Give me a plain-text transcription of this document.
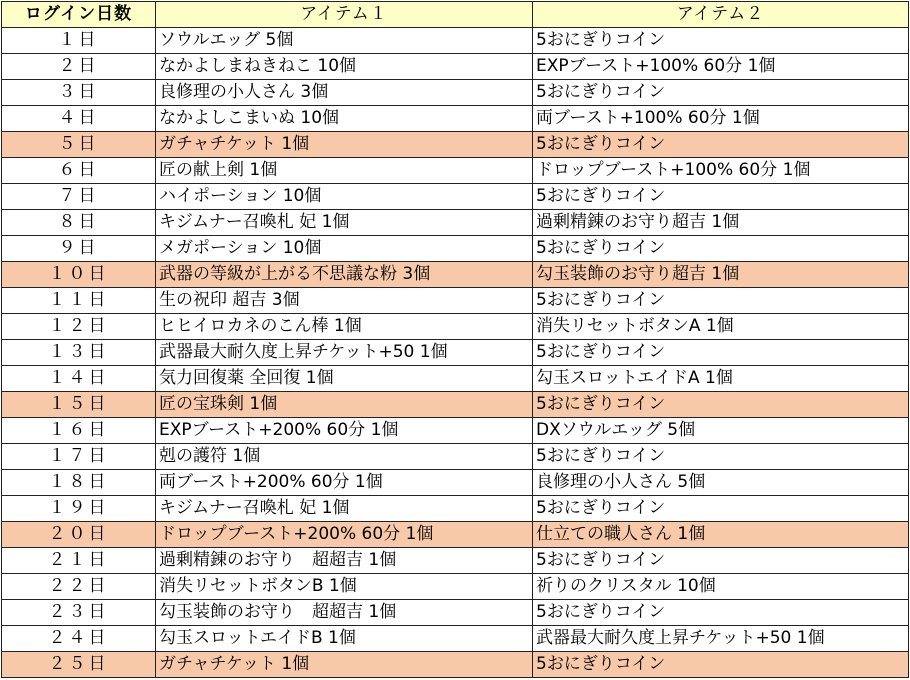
ログイン日数	アイテム１	アイテム２
１日	ソウルエッグ 5個	5おにぎりコイン
２日	なかよしまねきねこ 10個	EXPブースト+100% 60分 1個
３日	良修理の小人さん 3個	5おにぎりコイン
４日	なかよしこまいぬ 10個	両ブースト+100% 60分 1個
５日	ガチャチケット 1個	5おにぎりコイン
６日	匠の献上剣 1個	ドロップブースト+100% 60分 1個
７日	ハイポーション 10個	5おにぎりコイン
８日	キジムナー召喚札 妃 1個	過剰精錬のお守り超吉 1個
９日	メガポーション 10個	5おにぎりコイン
１０日	武器の等級が上がる不思議な粉 3個	勾玉装飾のお守り超吉 1個
１１日	生の祝印 超吉 3個	5おにぎりコイン
１２日	ヒヒイロカネのこん棒 1個	消失リセットボタンA 1個
１３日	武器最大耐久度上昇チケット+50 1個	5おにぎりコイン
１４日	気力回復薬 全回復 1個	勾玉スロットエイドA 1個
１５日	匠の宝珠剣 1個	5おにぎりコイン
１６日	EXPブースト+200% 60分 1個	DXソウルエッグ 5個
１７日	剋の護符 1個	5おにぎりコイン
１８日	両ブースト+200% 60分 1個	良修理の小人さん 5個
１９日	キジムナー召喚札 妃 1個	5おにぎりコイン
２０日	ドロップブースト+200% 60分 1個	仕立ての職人さん 1個
２１日	過剰精錬のお守り　超超吉 1個	5おにぎりコイン
２２日	消失リセットボタンB 1個	祈りのクリスタル 10個
２３日	勾玉装飾のお守り　超超吉 1個	5おにぎりコイン
２４日	勾玉スロットエイドB 1個	武器最大耐久度上昇チケット+50 1個
２５日	ガチャチケット 1個	5おにぎりコイン
